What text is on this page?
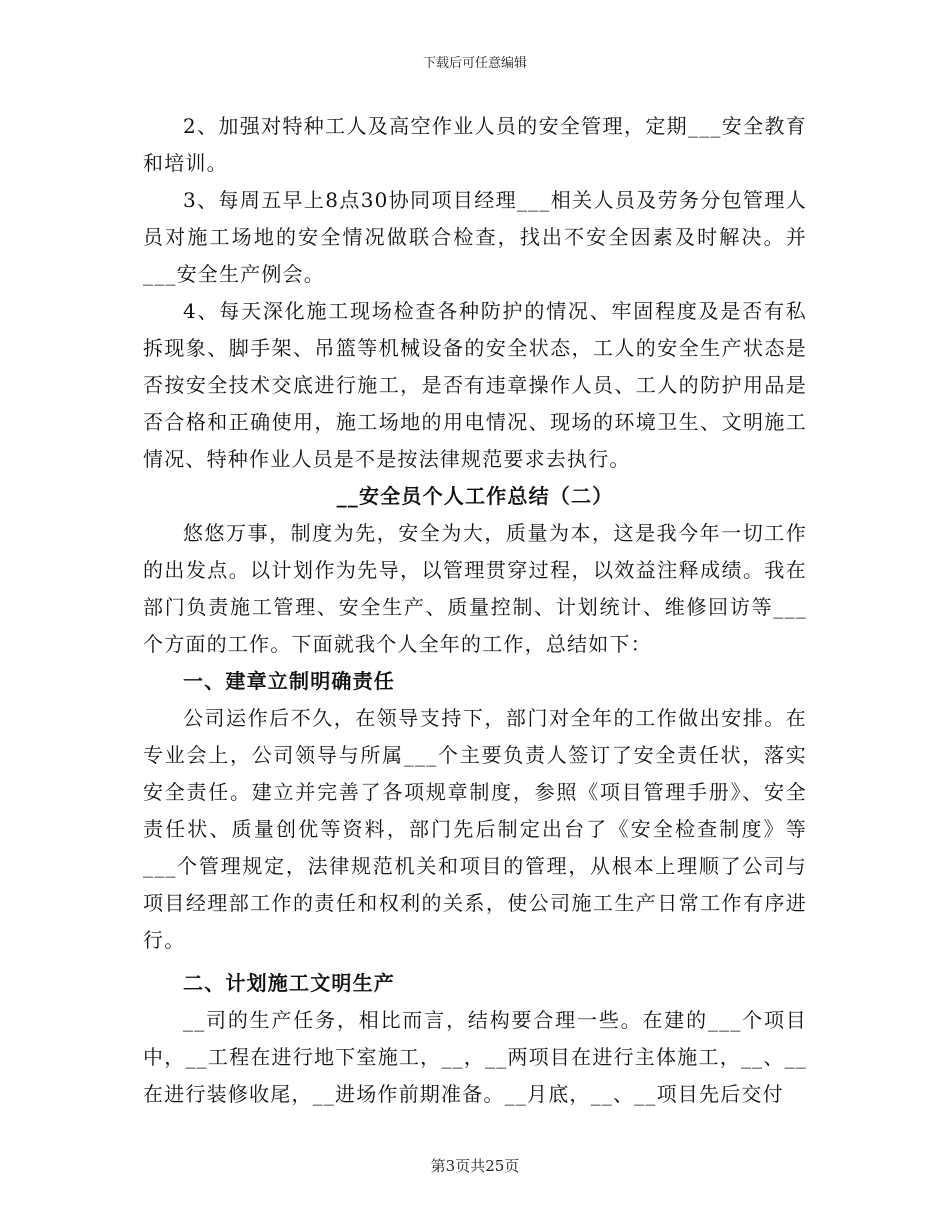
下载后可任意编辑

2、加强对特种工人及高空作业人员的安全管理，定期___安全教育和培训。

3、每周五早上8点30协同项目经理___相关人员及劳务分包管理人员对施工场地的安全情况做联合检查，找出不安全因素及时解决。并___安全生产例会。

4、每天深化施工现场检查各种防护的情况、牢固程度及是否有私拆现象、脚手架、吊篮等机械设备的安全状态，工人的安全生产状态是否按安全技术交底进行施工，是否有违章操作人员、工人的防护用品是否合格和正确使用，施工场地的用电情况、现场的环境卫生、文明施工情况、特种作业人员是不是按法律规范要求去执行。

__安全员个人工作总结（二）

悠悠万事，制度为先，安全为大，质量为本，这是我今年一切工作的出发点。以计划作为先导，以管理贯穿过程，以效益注释成绩。我在部门负责施工管理、安全生产、质量控制、计划统计、维修回访等___个方面的工作。下面就我个人全年的工作，总结如下：

一、建章立制明确责任

公司运作后不久，在领导支持下，部门对全年的工作做出安排。在专业会上，公司领导与所属___个主要负责人签订了安全责任状，落实安全责任。建立并完善了各项规章制度，参照《项目管理手册》、安全责任状、质量创优等资料，部门先后制定出台了《安全检查制度》等___个管理规定，法律规范机关和项目的管理，从根本上理顺了公司与项目经理部工作的责任和权利的关系，使公司施工生产日常工作有序进行。

二、计划施工文明生产

__司的生产任务，相比而言，结构要合理一些。在建的___个项目中，__工程在进行地下室施工，__，__两项目在进行主体施工，__、__在进行装修收尾，__进场作前期准备。__月底，__、__项目先后交付

第3页共25页
